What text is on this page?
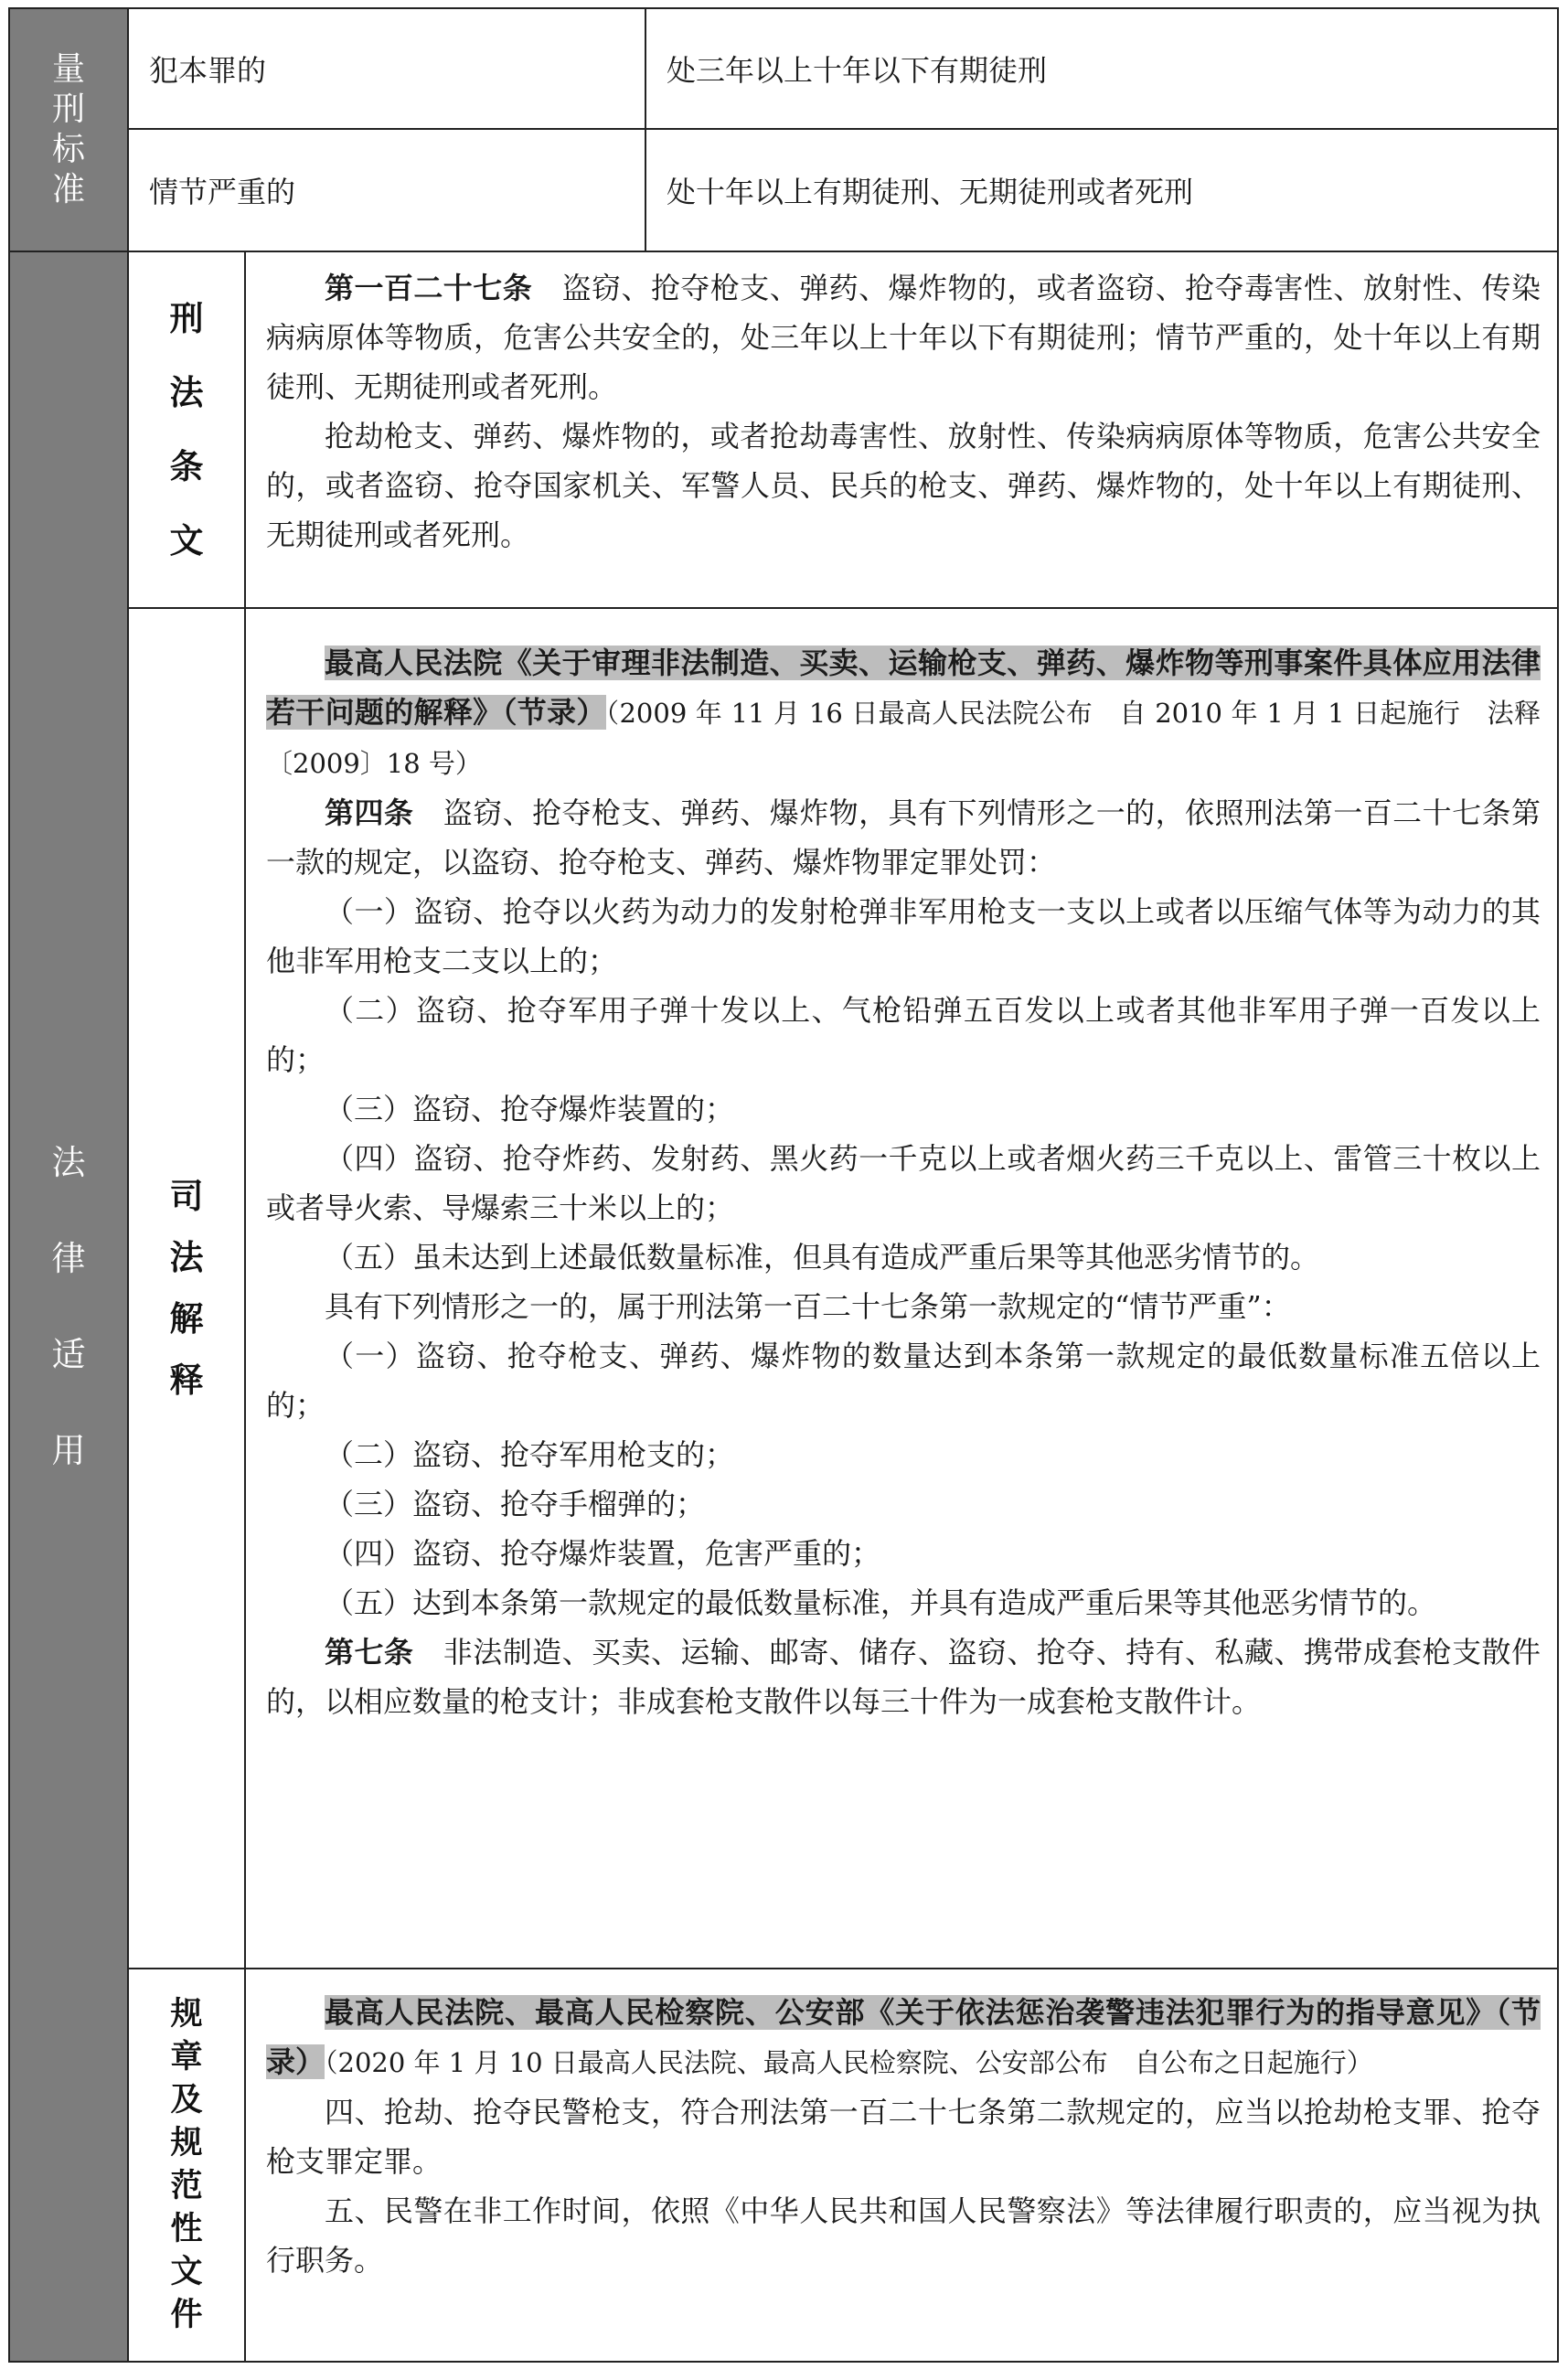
量
刑
标
准
法
律
适
用
犯本罪的	处三年以上十年以下有期徒刑
情节严重的	处十年以上有期徒刑、无期徒刑或者死刑
刑
法
条
文

第一百二十七条  盗窃、抢夺枪支、弹药、爆炸物的，或者盗窃、抢夺毒害性、放射性、传染病病原体等物质，危害公共安全的，处三年以上十年以下有期徒刑；情节严重的，处十年以上有期徒刑、无期徒刑或者死刑。

抢劫枪支、弹药、爆炸物的，或者抢劫毒害性、放射性、传染病病原体等物质，危害公共安全的，或者盗窃、抢夺国家机关、军警人员、民兵的枪支、弹药、爆炸物的，处十年以上有期徒刑、无期徒刑或者死刑。

司
法
解
释

最高人民法院《关于审理非法制造、买卖、运输枪支、弹药、爆炸物等刑事案件具体应用法律若干问题的解释》（节录）（2009 年 11 月 16 日最高人民法院公布　自 2010 年 1 月 1 日起施行　法释〔2009〕18 号）

第四条  盗窃、抢夺枪支、弹药、爆炸物，具有下列情形之一的，依照刑法第一百二十七条第一款的规定，以盗窃、抢夺枪支、弹药、爆炸物罪定罪处罚：

（一）盗窃、抢夺以火药为动力的发射枪弹非军用枪支一支以上或者以压缩气体等为动力的其他非军用枪支二支以上的；

（二）盗窃、抢夺军用子弹十发以上、气枪铅弹五百发以上或者其他非军用子弹一百发以上的；

（三）盗窃、抢夺爆炸装置的；

（四）盗窃、抢夺炸药、发射药、黑火药一千克以上或者烟火药三千克以上、雷管三十枚以上或者导火索、导爆索三十米以上的；

（五）虽未达到上述最低数量标准，但具有造成严重后果等其他恶劣情节的。

具有下列情形之一的，属于刑法第一百二十七条第一款规定的“情节严重”：

（一）盗窃、抢夺枪支、弹药、爆炸物的数量达到本条第一款规定的最低数量标准五倍以上的；

（二）盗窃、抢夺军用枪支的；

（三）盗窃、抢夺手榴弹的；

（四）盗窃、抢夺爆炸装置，危害严重的；

（五）达到本条第一款规定的最低数量标准，并具有造成严重后果等其他恶劣情节的。

第七条  非法制造、买卖、运输、邮寄、储存、盗窃、抢夺、持有、私藏、携带成套枪支散件的，以相应数量的枪支计；非成套枪支散件以每三十件为一成套枪支散件计。

规
章
及
规
范
性
文
件

最高人民法院、最高人民检察院、公安部《关于依法惩治袭警违法犯罪行为的指导意见》（节录）（2020 年 1 月 10 日最高人民法院、最高人民检察院、公安部公布　自公布之日起施行）

四、抢劫、抢夺民警枪支，符合刑法第一百二十七条第二款规定的，应当以抢劫枪支罪、抢夺枪支罪定罪。

五、民警在非工作时间，依照《中华人民共和国人民警察法》等法律履行职责的，应当视为执行职务。
